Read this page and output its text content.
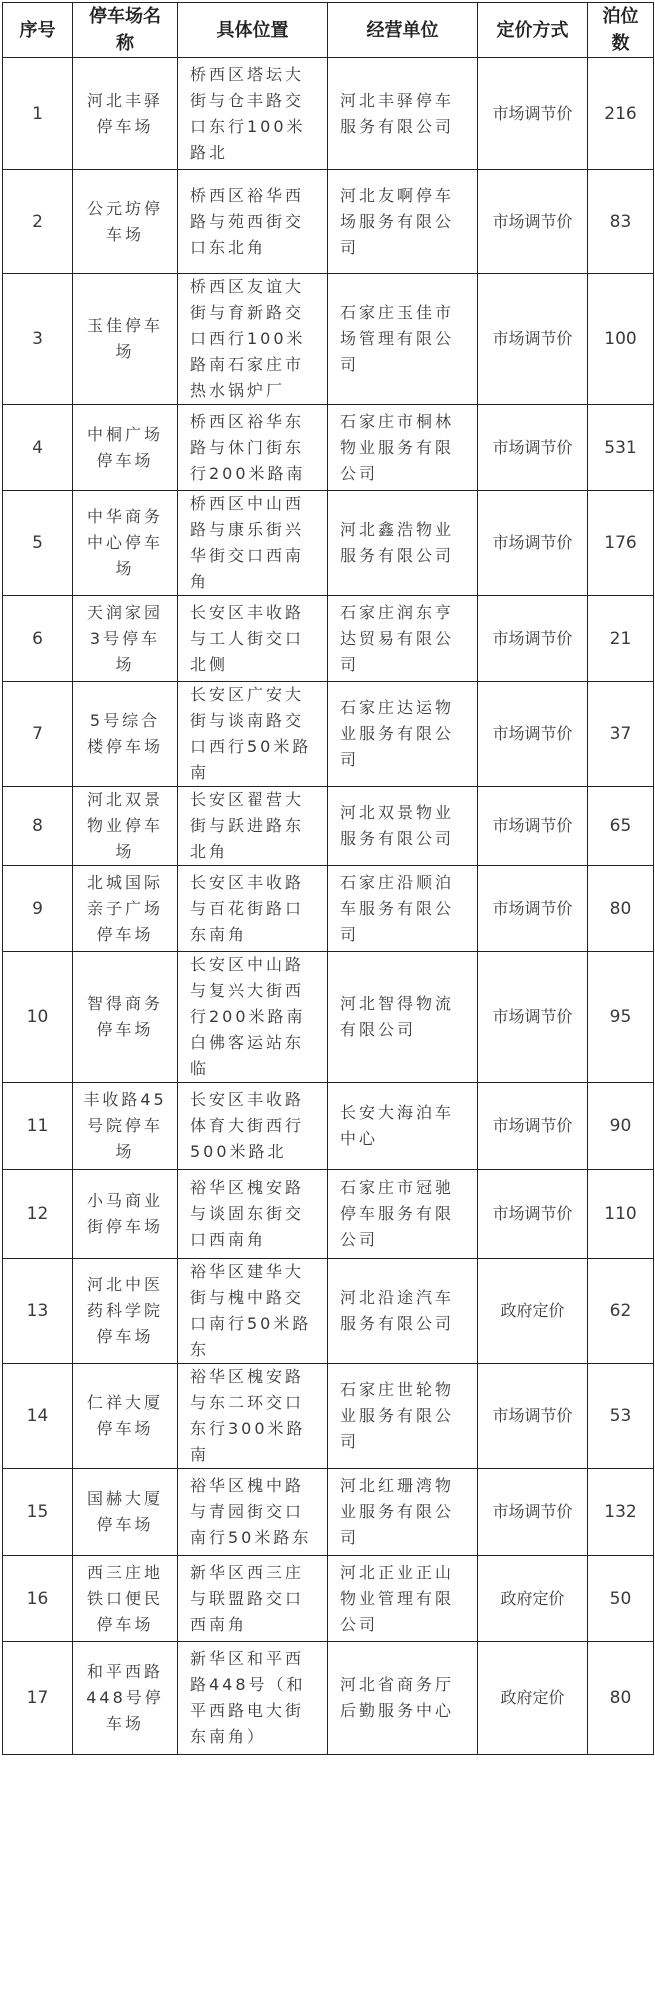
序号	停车场名称	具体位置	经营单位	定价方式	泊位数
1	河北丰驿停车场	桥西区塔坛大街与仓丰路交口东行100米路北	河北丰驿停车服务有限公司	市场调节价	216
2	公元坊停车场	桥西区裕华西路与苑西街交口东北角	河北友啊停车场服务有限公司	市场调节价	83
3	玉佳停车场	桥西区友谊大街与育新路交口西行100米路南石家庄市热水锅炉厂	石家庄玉佳市场管理有限公司	市场调节价	100
4	中桐广场停车场	桥西区裕华东路与休门街东行200米路南	石家庄市桐林物业服务有限公司	市场调节价	531
5	中华商务中心停车场	桥西区中山西路与康乐街兴华街交口西南角	河北鑫浩物业服务有限公司	市场调节价	176
6	天润家园3号停车场	长安区丰收路与工人街交口北侧	石家庄润东亨达贸易有限公司	市场调节价	21
7	5号综合楼停车场	长安区广安大街与谈南路交口西行50米路南	石家庄达运物业服务有限公司	市场调节价	37
8	河北双景物业停车场	长安区翟营大街与跃进路东北角	河北双景物业服务有限公司	市场调节价	65
9	北城国际亲子广场停车场	长安区丰收路与百花街路口东南角	石家庄沿顺泊车服务有限公司	市场调节价	80
10	智得商务停车场	长安区中山路与复兴大街西行200米路南白佛客运站东临	河北智得物流有限公司	市场调节价	95
11	丰收路45号院停车场	长安区丰收路体育大街西行500米路北	长安大海泊车中心	市场调节价	90
12	小马商业街停车场	裕华区槐安路与谈固东街交口西南角	石家庄市冠驰停车服务有限公司	市场调节价	110
13	河北中医药科学院停车场	裕华区建华大街与槐中路交口南行50米路东	河北沿途汽车服务有限公司	政府定价	62
14	仁祥大厦停车场	裕华区槐安路与东二环交口东行300米路南	石家庄世轮物业服务有限公司	市场调节价	53
15	国赫大厦停车场	裕华区槐中路与青园街交口南行50米路东	河北红珊湾物业服务有限公司	市场调节价	132
16	西三庄地铁口便民停车场	新华区西三庄与联盟路交口西南角	河北正业正山物业管理有限公司	政府定价	50
17	和平西路448号停车场	新华区和平西路448号（和平西路电大街东南角）	河北省商务厅后勤服务中心	政府定价	80
